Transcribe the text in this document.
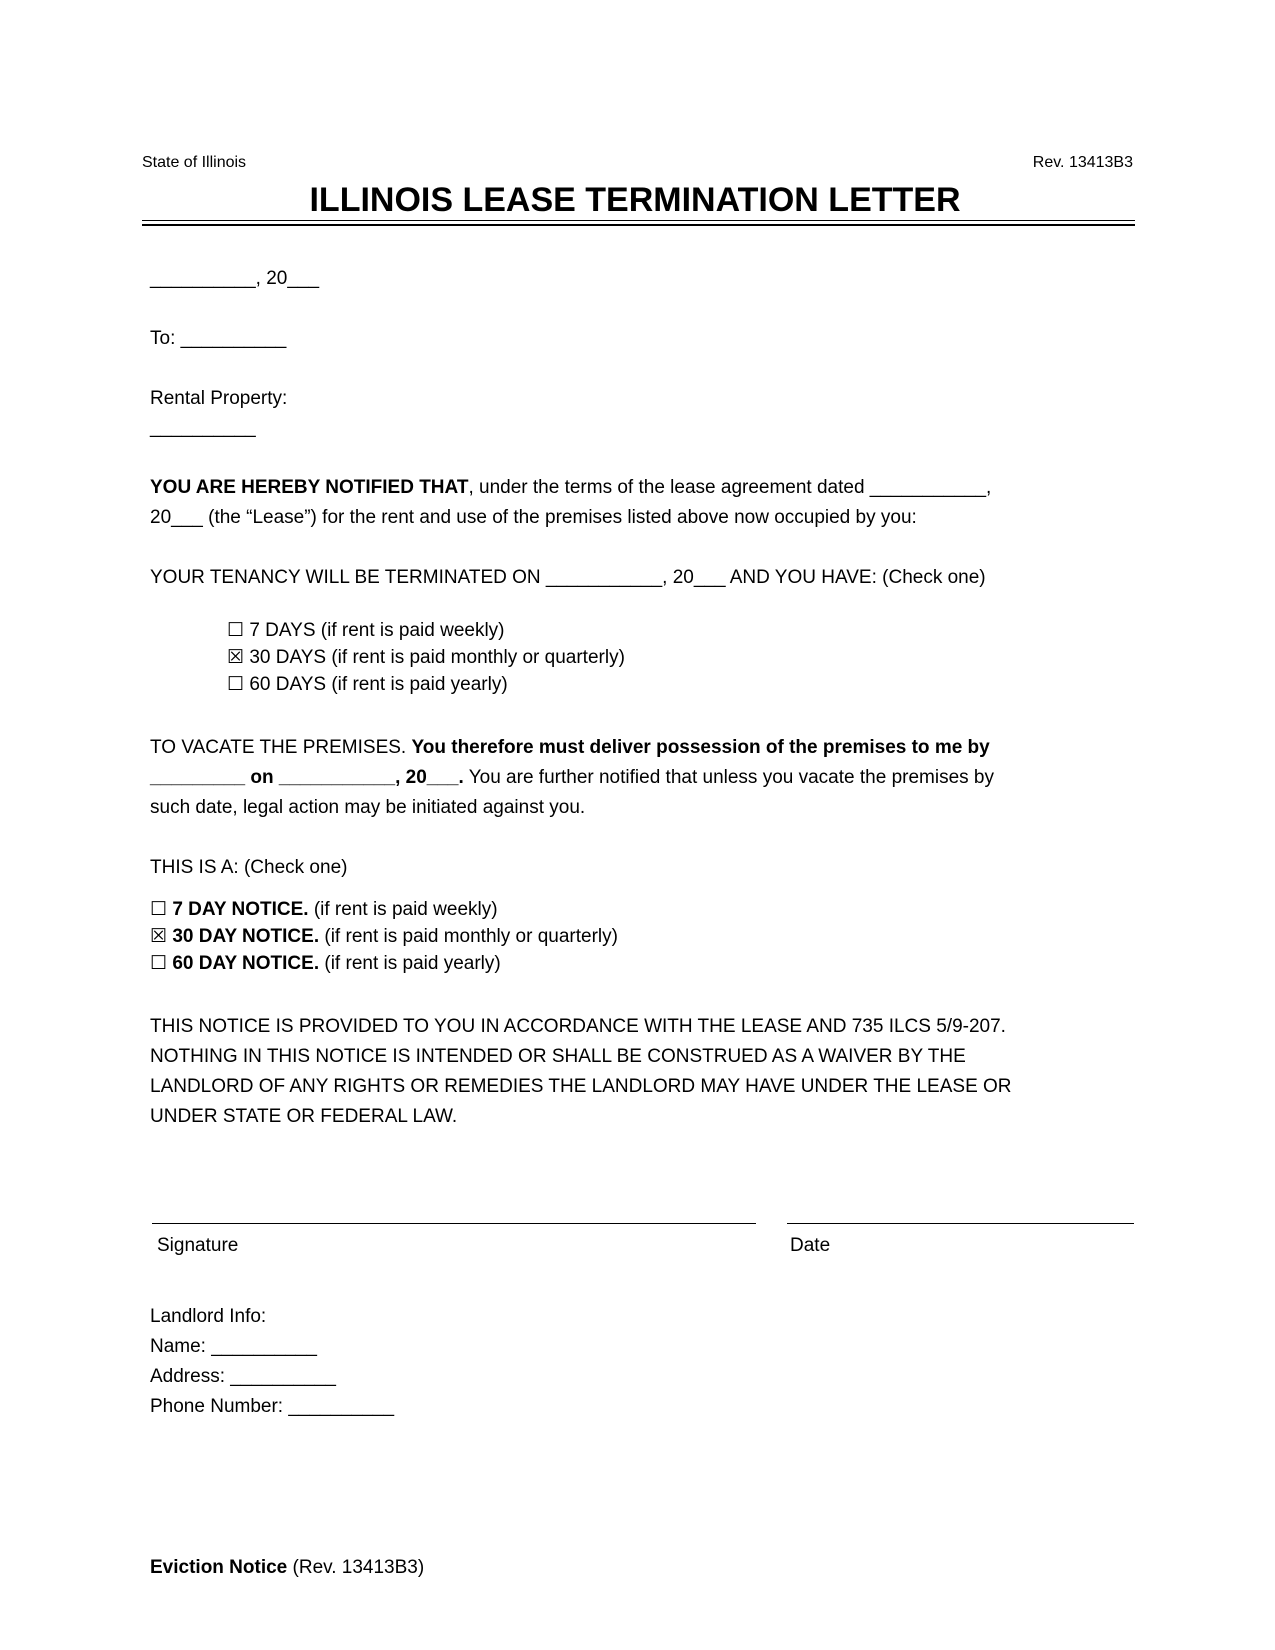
State of Illinois	Rev. 13413B3
ILLINOIS LEASE TERMINATION LETTER
__________, 20___
To: __________
Rental Property:
__________
YOU ARE HEREBY NOTIFIED THAT, under the terms of the lease agreement dated ___________,
20___ (the “Lease”) for the rent and use of the premises listed above now occupied by you:
YOUR TENANCY WILL BE TERMINATED ON ___________, 20___ AND YOU HAVE: (Check one)
☐ 7 DAYS (if rent is paid weekly)
☒ 30 DAYS (if rent is paid monthly or quarterly)
☐ 60 DAYS (if rent is paid yearly)
TO VACATE THE PREMISES. You therefore must deliver possession of the premises to me by
_________ on ___________, 20___. You are further notified that unless you vacate the premises by
such date, legal action may be initiated against you.
THIS IS A: (Check one)
☐ 7 DAY NOTICE. (if rent is paid weekly)
☒ 30 DAY NOTICE. (if rent is paid monthly or quarterly)
☐ 60 DAY NOTICE. (if rent is paid yearly)
THIS NOTICE IS PROVIDED TO YOU IN ACCORDANCE WITH THE LEASE AND 735 ILCS 5/9-207.
NOTHING IN THIS NOTICE IS INTENDED OR SHALL BE CONSTRUED AS A WAIVER BY THE
LANDLORD OF ANY RIGHTS OR REMEDIES THE LANDLORD MAY HAVE UNDER THE LEASE OR
UNDER STATE OR FEDERAL LAW.
Signature	Date
Landlord Info:
Name: __________
Address: __________
Phone Number: __________
Eviction Notice (Rev. 13413B3)
